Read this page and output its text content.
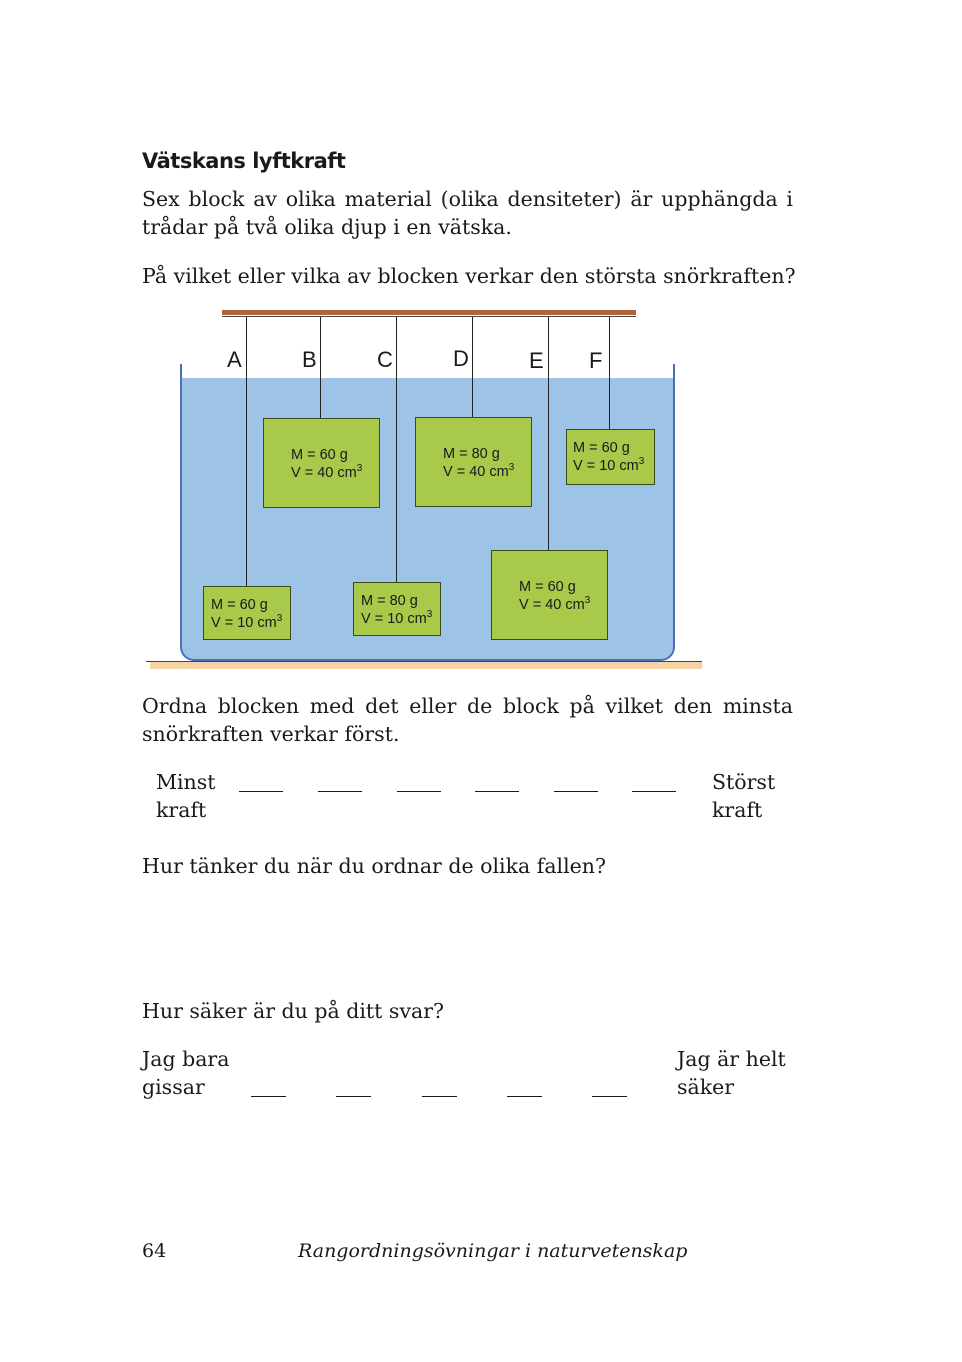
Vätskans lyftkraft
Sex block av olika material (olika densiteter) är upphängda i
trådar på två olika djup i en vätska.
På vilket eller vilka av blocken verkar den största snörkraften?
A	B	C	D	E F
M = 60 g
V = 10 $cm^3$
M = 60 g
V = 40 $cm^3$
M = 80 g
V = 10 $cm^3$
M = 80 g
V = 40 $cm^3$
M = 60 g
V = 40 $cm^3$
M = 60 g
V = 10 $cm^3$
Ordna blocken med det eller de block på vilket den minsta
snörkraften verkar först.
Minst
kraft
Störst
kraft
Hur tänker du när du ordnar de olika fallen?
Hur säker är du på ditt svar?
Jag bara
gissar
Jag är helt
säker
64	Rangordningsövningar i naturvetenskap
